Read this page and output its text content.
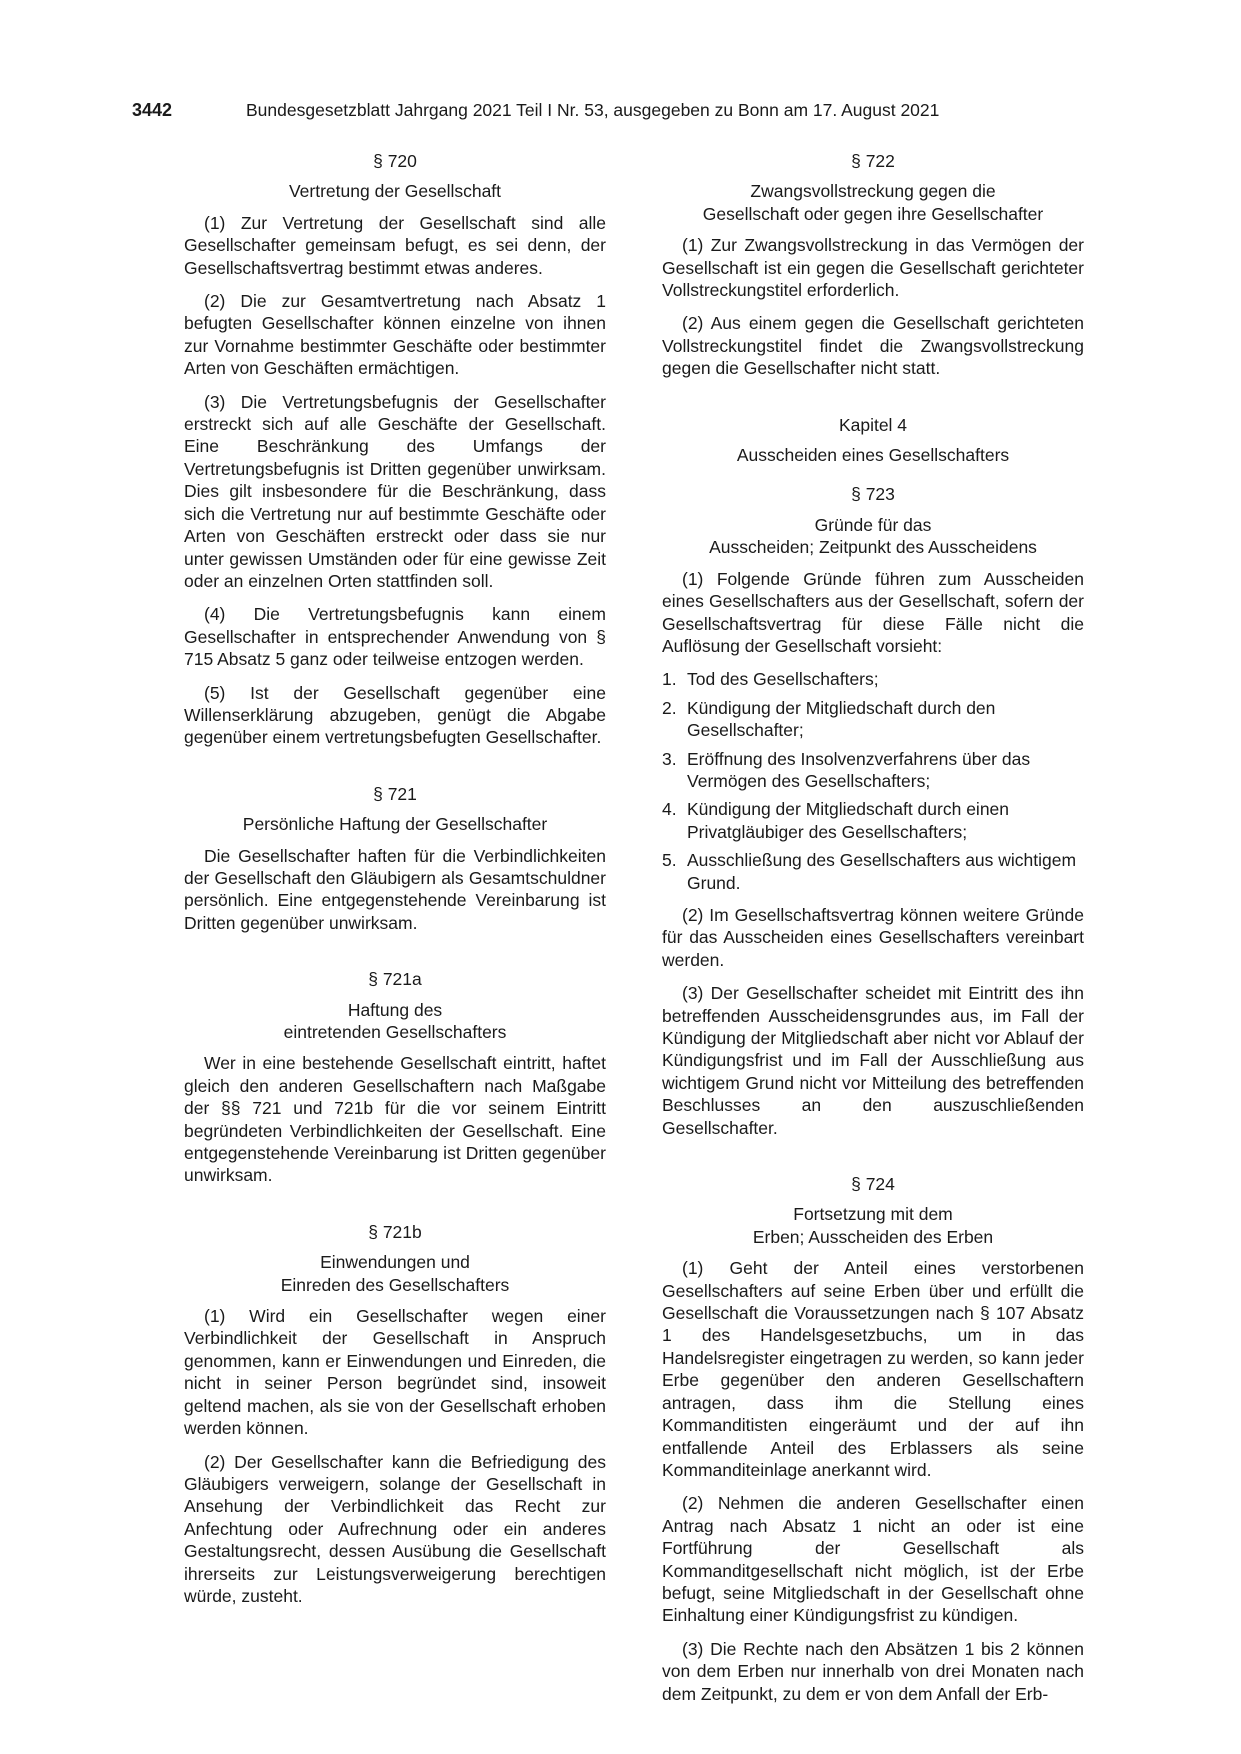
3442	Bundesgesetzblatt Jahrgang 2021 Teil I Nr. 53, ausgegeben zu Bonn am 17. August 2021
§ 720
Vertretung der Gesellschaft

(1) Zur Vertretung der Gesellschaft sind alle Gesellschafter gemeinsam befugt, es sei denn, der Gesellschaftsvertrag bestimmt etwas anderes.

(2) Die zur Gesamtvertretung nach Absatz 1 befugten Gesellschafter können einzelne von ihnen zur Vornahme bestimmter Geschäfte oder bestimmter Arten von Geschäften ermächtigen.

(3) Die Vertretungsbefugnis der Gesellschafter erstreckt sich auf alle Geschäfte der Gesellschaft. Eine Beschränkung des Umfangs der Vertretungsbefugnis ist Dritten gegenüber unwirksam. Dies gilt insbesondere für die Beschränkung, dass sich die Vertretung nur auf bestimmte Geschäfte oder Arten von Geschäften erstreckt oder dass sie nur unter gewissen Umständen oder für eine gewisse Zeit oder an einzelnen Orten stattfinden soll.

(4) Die Vertretungsbefugnis kann einem Gesellschafter in entsprechender Anwendung von § 715 Absatz 5 ganz oder teilweise entzogen werden.

(5) Ist der Gesellschaft gegenüber eine Willenserklärung abzugeben, genügt die Abgabe gegenüber einem vertretungsbefugten Gesellschafter.

§ 721
Persönliche Haftung der Gesellschafter

Die Gesellschafter haften für die Verbindlichkeiten der Gesellschaft den Gläubigern als Gesamtschuldner persönlich. Eine entgegenstehende Vereinbarung ist Dritten gegenüber unwirksam.

§ 721a
Haftung des
eintretenden Gesellschafters

Wer in eine bestehende Gesellschaft eintritt, haftet gleich den anderen Gesellschaftern nach Maßgabe der §§ 721 und 721b für die vor seinem Eintritt begründeten Verbindlichkeiten der Gesellschaft. Eine entgegenstehende Vereinbarung ist Dritten gegenüber unwirksam.

§ 721b
Einwendungen und
Einreden des Gesellschafters

(1) Wird ein Gesellschafter wegen einer Verbindlichkeit der Gesellschaft in Anspruch genommen, kann er Einwendungen und Einreden, die nicht in seiner Person begründet sind, insoweit geltend machen, als sie von der Gesellschaft erhoben werden können.

(2) Der Gesellschafter kann die Befriedigung des Gläubigers verweigern, solange der Gesellschaft in Ansehung der Verbindlichkeit das Recht zur Anfechtung oder Aufrechnung oder ein anderes Gestaltungsrecht, dessen Ausübung die Gesellschaft ihrerseits zur Leistungsverweigerung berechtigen würde, zusteht.

§ 722
Zwangsvollstreckung gegen die
Gesellschaft oder gegen ihre Gesellschafter

(1) Zur Zwangsvollstreckung in das Vermögen der Gesellschaft ist ein gegen die Gesellschaft gerichteter Vollstreckungstitel erforderlich.

(2) Aus einem gegen die Gesellschaft gerichteten Vollstreckungstitel findet die Zwangsvollstreckung gegen die Gesellschafter nicht statt.

Kapitel 4
Ausscheiden eines Gesellschafters
§ 723
Gründe für das
Ausscheiden; Zeitpunkt des Ausscheidens

(1) Folgende Gründe führen zum Ausscheiden eines Gesellschafters aus der Gesellschaft, sofern der Gesellschaftsvertrag für diese Fälle nicht die Auflösung der Gesellschaft vorsieht:

1. Tod des Gesellschafters;
2. Kündigung der Mitgliedschaft durch den Gesellschafter;
3. Eröffnung des Insolvenzverfahrens über das Vermögen des Gesellschafters;
4. Kündigung der Mitgliedschaft durch einen Privatgläubiger des Gesellschafters;
5. Ausschließung des Gesellschafters aus wichtigem Grund.

(2) Im Gesellschaftsvertrag können weitere Gründe für das Ausscheiden eines Gesellschafters vereinbart werden.

(3) Der Gesellschafter scheidet mit Eintritt des ihn betreffenden Ausscheidensgrundes aus, im Fall der Kündigung der Mitgliedschaft aber nicht vor Ablauf der Kündigungsfrist und im Fall der Ausschließung aus wichtigem Grund nicht vor Mitteilung des betreffenden Beschlusses an den auszuschließenden Gesellschafter.

§ 724
Fortsetzung mit dem
Erben; Ausscheiden des Erben

(1) Geht der Anteil eines verstorbenen Gesellschafters auf seine Erben über und erfüllt die Gesellschaft die Voraussetzungen nach § 107 Absatz 1 des Handelsgesetzbuchs, um in das Handelsregister eingetragen zu werden, so kann jeder Erbe gegenüber den anderen Gesellschaftern antragen, dass ihm die Stellung eines Kommanditisten eingeräumt und der auf ihn entfallende Anteil des Erblassers als seine Kommanditeinlage anerkannt wird.

(2) Nehmen die anderen Gesellschafter einen Antrag nach Absatz 1 nicht an oder ist eine Fortführung der Gesellschaft als Kommanditgesellschaft nicht möglich, ist der Erbe befugt, seine Mitgliedschaft in der Gesellschaft ohne Einhaltung einer Kündigungsfrist zu kündigen.

(3) Die Rechte nach den Absätzen 1 bis 2 können von dem Erben nur innerhalb von drei Monaten nach dem Zeitpunkt, zu dem er von dem Anfall der Erb-
